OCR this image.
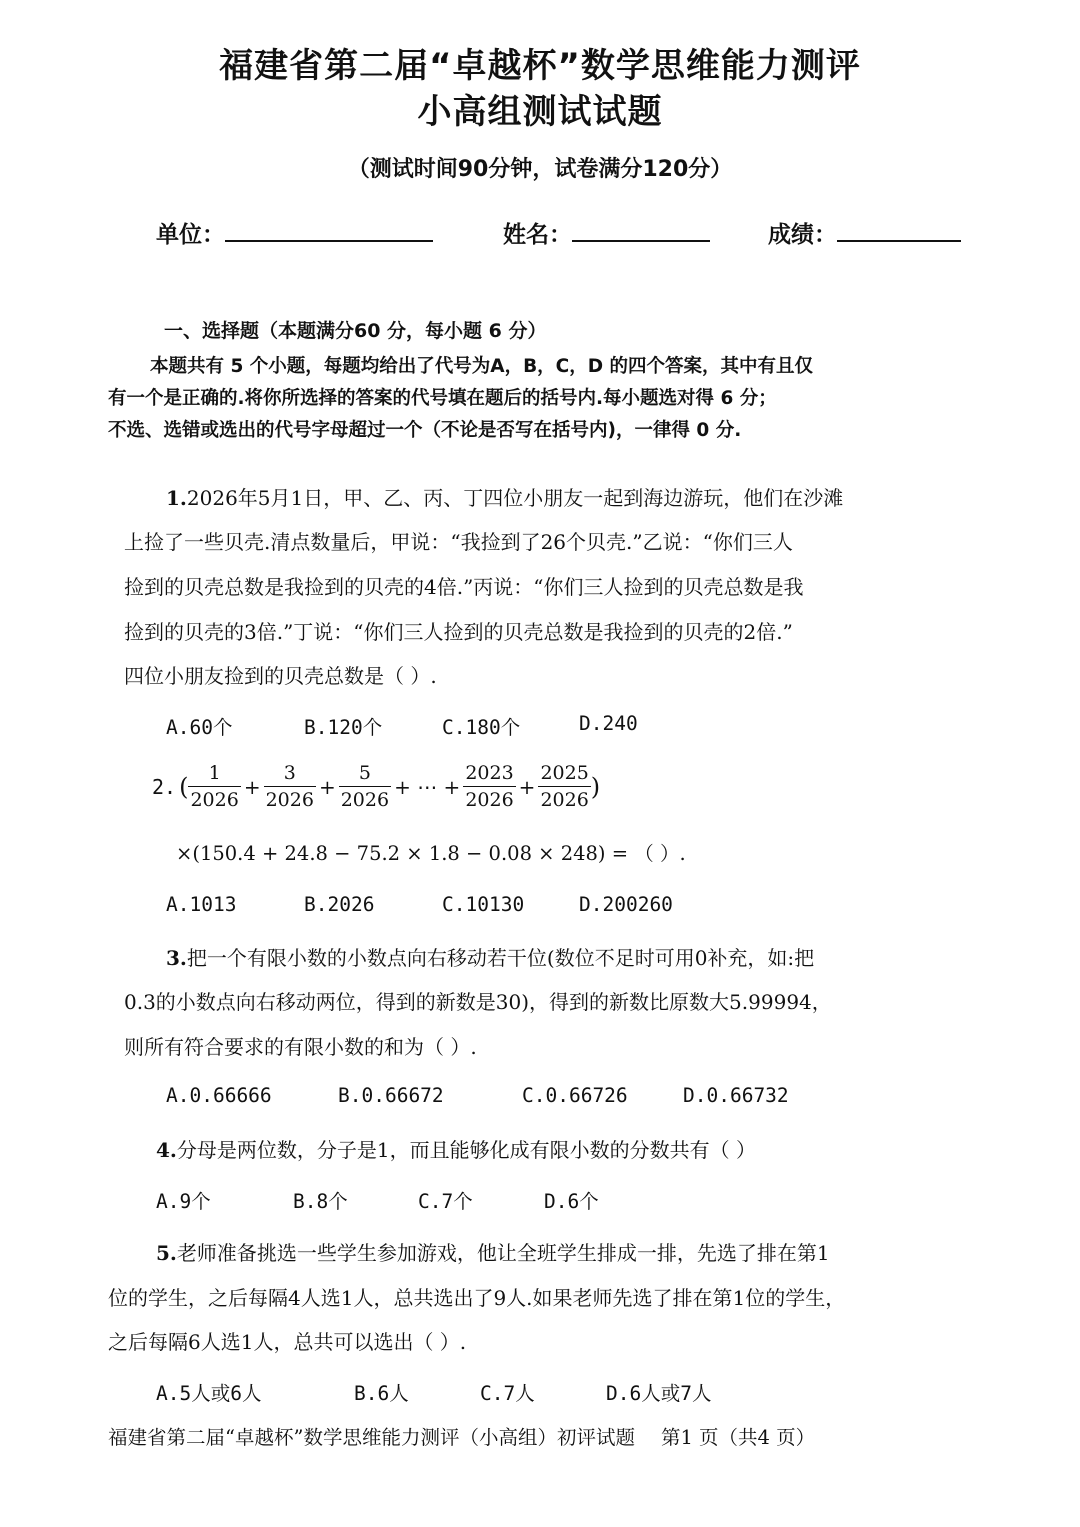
福建省第二届“卓越杯”数学思维能力测评
小高组测试试题
（测试时间90分钟，试卷满分120分）
单位：	姓名：	成绩：
一、选择题（本题满分60 分，每小题 6 分）
本题共有 5 个小题，每题均给出了代号为A，B，C，D 的四个答案，其中有且仅
有一个是正确的.将你所选择的答案的代号填在题后的括号内.每小题选对得 6 分；
不选、选错或选出的代号字母超过一个（不论是否写在括号内)，一律得 0 分.
1.2026年5月1日，甲、乙、丙、丁四位小朋友一起到海边游玩，他们在沙滩
上捡了一些贝壳.清点数量后，甲说：“我捡到了26个贝壳.”乙说：“你们三人
捡到的贝壳总数是我捡到的贝壳的4倍.”丙说：“你们三人捡到的贝壳总数是我
捡到的贝壳的3倍.”丁说：“你们三人捡到的贝壳总数是我捡到的贝壳的2倍.”
四位小朋友捡到的贝壳总数是（ ）.
A.60个	B.120个	C.180个	D.240
2. ( $\frac{1}{2026} + \frac{3}{2026} + \frac{5}{2026}$ + ⋯ + $\frac{2023}{2026} + \frac{2025}{2026}$ )
×(150.4 + 24.8 − 75.2 × 1.8 − 0.08 × 248) = （ ）.
A.1013	B.2026	C.10130	D.200260
3.把一个有限小数的小数点向右移动若干位(数位不足时可用0补充，如:把
0.3的小数点向右移动两位，得到的新数是30)，得到的新数比原数大5.99994，
则所有符合要求的有限小数的和为（ ）.
A.0.66666	B.0.66672	C.0.66726	D.0.66732
4.分母是两位数，分子是1，而且能够化成有限小数的分数共有（ ）
A.9个	B.8个	C.7个	D.6个
5.老师准备挑选一些学生参加游戏，他让全班学生排成一排，先选了排在第1
位的学生，之后每隔4人选1人，总共选出了9人.如果老师先选了排在第1位的学生，
之后每隔6人选1人，总共可以选出（ ）.
A.5人或6人	B.6人	C.7人	D.6人或7人
福建省第二届“卓越杯”数学思维能力测评（小高组）初评试题 第1 页（共4 页）
